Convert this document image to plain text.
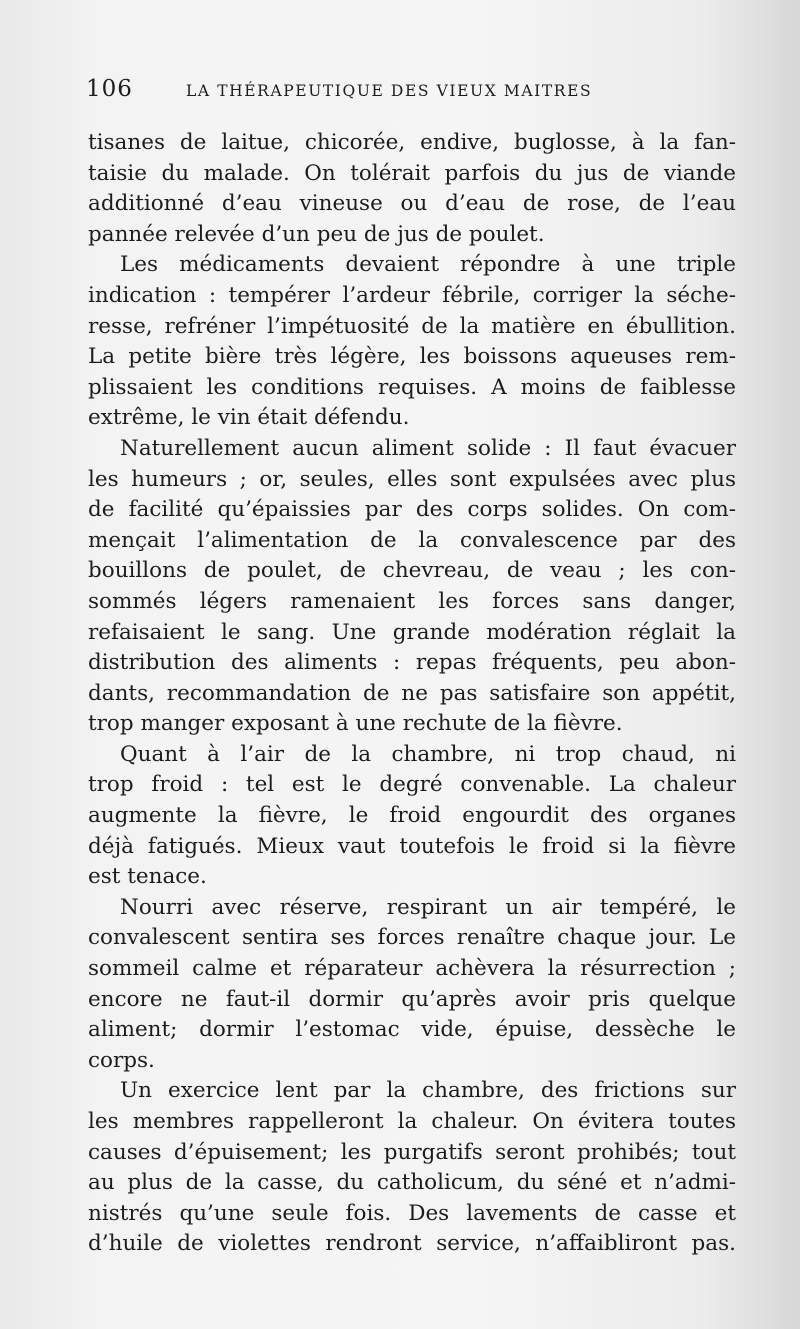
106	LA THÉRAPEUTIQUE DES VIEUX MAITRES
tisanes de laitue, chicorée, endive, buglosse, à la fan-
taisie du malade. On tolérait parfois du jus de viande
additionné d’eau vineuse ou d’eau de rose, de l’eau
pannée relevée d’un peu de jus de poulet.
Les médicaments devaient répondre à une triple
indication : tempérer l’ardeur fébrile, corriger la séche-
resse, refréner l’impétuosité de la matière en ébullition.
La petite bière très légère, les boissons aqueuses rem-
plissaient les conditions requises. A moins de faiblesse
extrême, le vin était défendu.
Naturellement aucun aliment solide : Il faut évacuer
les humeurs ; or, seules, elles sont expulsées avec plus
de facilité qu’épaissies par des corps solides. On com-
mençait l’alimentation de la convalescence par des
bouillons de poulet, de chevreau, de veau ; les con-
sommés légers ramenaient les forces sans danger,
refaisaient le sang. Une grande modération réglait la
distribution des aliments : repas fréquents, peu abon-
dants, recommandation de ne pas satisfaire son appétit,
trop manger exposant à une rechute de la fièvre.
Quant à l’air de la chambre, ni trop chaud, ni
trop froid : tel est le degré convenable. La chaleur
augmente la fièvre, le froid engourdit des organes
déjà fatigués. Mieux vaut toutefois le froid si la fièvre
est tenace.
Nourri avec réserve, respirant un air tempéré, le
convalescent sentira ses forces renaître chaque jour. Le
sommeil calme et réparateur achèvera la résurrection ;
encore ne faut-il dormir qu’après avoir pris quelque
aliment; dormir l’estomac vide, épuise, dessèche le
corps.
Un exercice lent par la chambre, des frictions sur
les membres rappelleront la chaleur. On évitera toutes
causes d’épuisement; les purgatifs seront prohibés; tout
au plus de la casse, du catholicum, du séné et n’admi-
nistrés qu’une seule fois. Des lavements de casse et
d’huile de violettes rendront service, n’affaibliront pas.
